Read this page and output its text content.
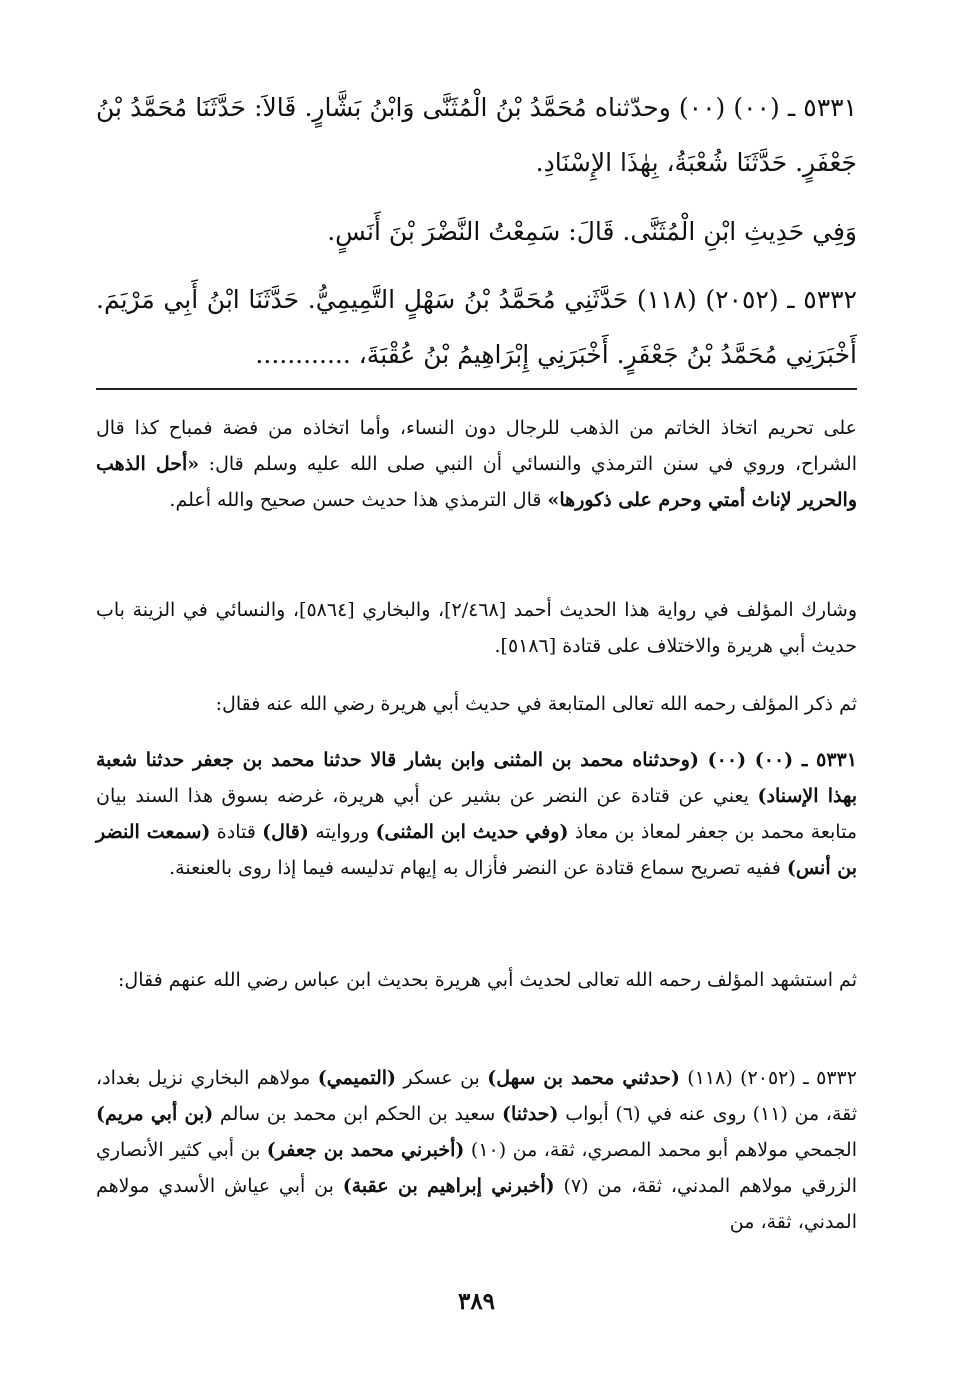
٥٣٣١ ـ (٠٠) (٠٠) وحدّثناه مُحَمَّدُ بْنُ الْمُثَنَّى وَابْنُ بَشَّارٍ. قَالاَ: حَدَّثَنَا مُحَمَّدُ بْنُ جَعْفَرٍ. حَدَّثَنَا شُعْبَةُ، بِهٰذَا الإِسْنَادِ.

وَفِي حَدِيثِ ابْنِ الْمُثَنَّى. قَالَ: سَمِعْتُ النَّضْرَ بْنَ أَنَسٍ.

٥٣٣٢ ـ (٢٠٥٢) (١١٨) حَدَّثَنِي مُحَمَّدُ بْنُ سَهْلٍ التَّمِيمِيُّ. حَدَّثَنَا ابْنُ أَبِي مَرْيَمَ. أَخْبَرَنِي مُحَمَّدُ بْنُ جَعْفَرٍ. أَخْبَرَنِي إِبْرَاهِيمُ بْنُ عُقْبَةَ، ............

على تحريم اتخاذ الخاتم من الذهب للرجال دون النساء، وأما اتخاذه من فضة فمباح كذا قال الشراح، وروي في سنن الترمذي والنسائي أن النبي صلى الله عليه وسلم قال: «أحل الذهب والحرير لإناث أمتي وحرم على ذكورها» قال الترمذي هذا حديث حسن صحيح والله أعلم.

وشارك المؤلف في رواية هذا الحديث أحمد [٢/٤٦٨]، والبخاري [٥٨٦٤]، والنسائي في الزينة باب حديث أبي هريرة والاختلاف على قتادة [٥١٨٦].

ثم ذكر المؤلف رحمه الله تعالى المتابعة في حديث أبي هريرة رضي الله عنه فقال:

٥٣٣١ ـ (٠٠) (٠٠) (وحدثناه محمد بن المثنى وابن بشار قالا حدثنا محمد بن جعفر حدثنا شعبة بهذا الإسناد) يعني عن قتادة عن النضر عن بشير عن أبي هريرة، غرضه بسوق هذا السند بيان متابعة محمد بن جعفر لمعاذ بن معاذ (وفي حديث ابن المثنى) وروايته (قال) قتادة (سمعت النضر بن أنس) ففيه تصريح سماع قتادة عن النضر فأزال به إيهام تدليسه فيما إذا روى بالعنعنة.

ثم استشهد المؤلف رحمه الله تعالى لحديث أبي هريرة بحديث ابن عباس رضي الله عنهم فقال:

٥٣٣٢ ـ (٢٠٥٢) (١١٨) (حدثني محمد بن سهل) بن عسكر (التميمي) مولاهم البخاري نزيل بغداد، ثقة، من (١١) روى عنه في (٦) أبواب (حدثنا) سعيد بن الحكم ابن محمد بن سالم (بن أبي مريم) الجمحي مولاهم أبو محمد المصري، ثقة، من (١٠) (أخبرني محمد بن جعفر) بن أبي كثير الأنصاري الزرقي مولاهم المدني، ثقة، من (٧) (أخبرني إبراهيم بن عقبة) بن أبي عياش الأسدي مولاهم المدني، ثقة، من

٣٨٩
